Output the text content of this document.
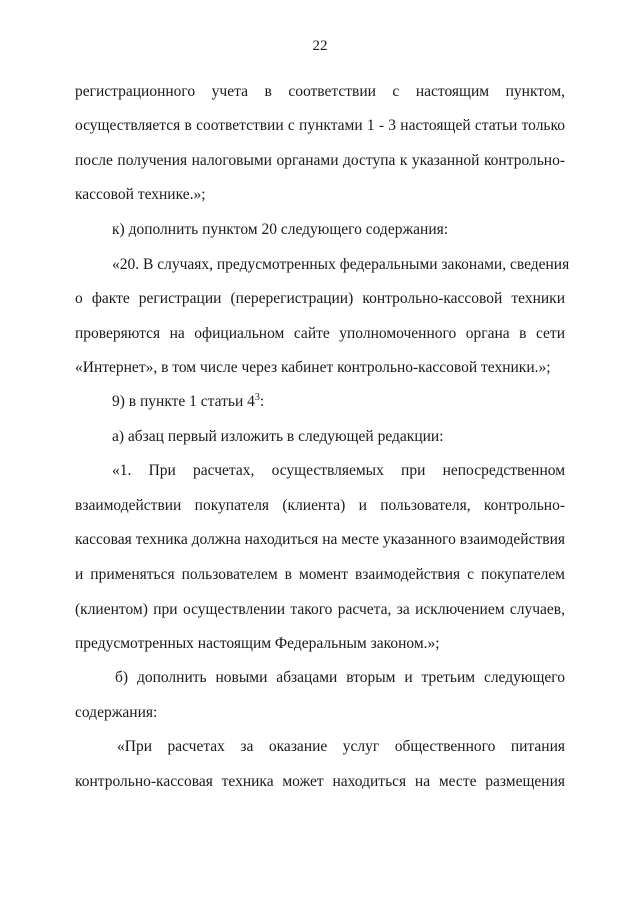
22
регистрационного учета в соответствии с настоящим пунктом,
осуществляется в соответствии с пунктами 1 - 3 настоящей статьи только
после получения налоговыми органами доступа к указанной контрольно-
кассовой технике.»;
к) дополнить пунктом 20 следующего содержания:
«20. В случаях, предусмотренных федеральными законами, сведения
о факте регистрации (перерегистрации) контрольно-кассовой техники
проверяются на официальном сайте уполномоченного органа в сети
«Интернет», в том числе через кабинет контрольно-кассовой техники.»;
9) в пункте 1 статьи $4^3$:
а) абзац первый изложить в следующей редакции:
«1. При расчетах, осуществляемых при непосредственном
взаимодействии покупателя (клиента) и пользователя, контрольно-
кассовая техника должна находиться на месте указанного взаимодействия
и применяться пользователем в момент взаимодействия с покупателем
(клиентом) при осуществлении такого расчета, за исключением случаев,
предусмотренных настоящим Федеральным законом.»;
б) дополнить новыми абзацами вторым и третьим следующего
содержания:
«При расчетах за оказание услуг общественного питания
контрольно-кассовая техника может находиться на месте размещения
